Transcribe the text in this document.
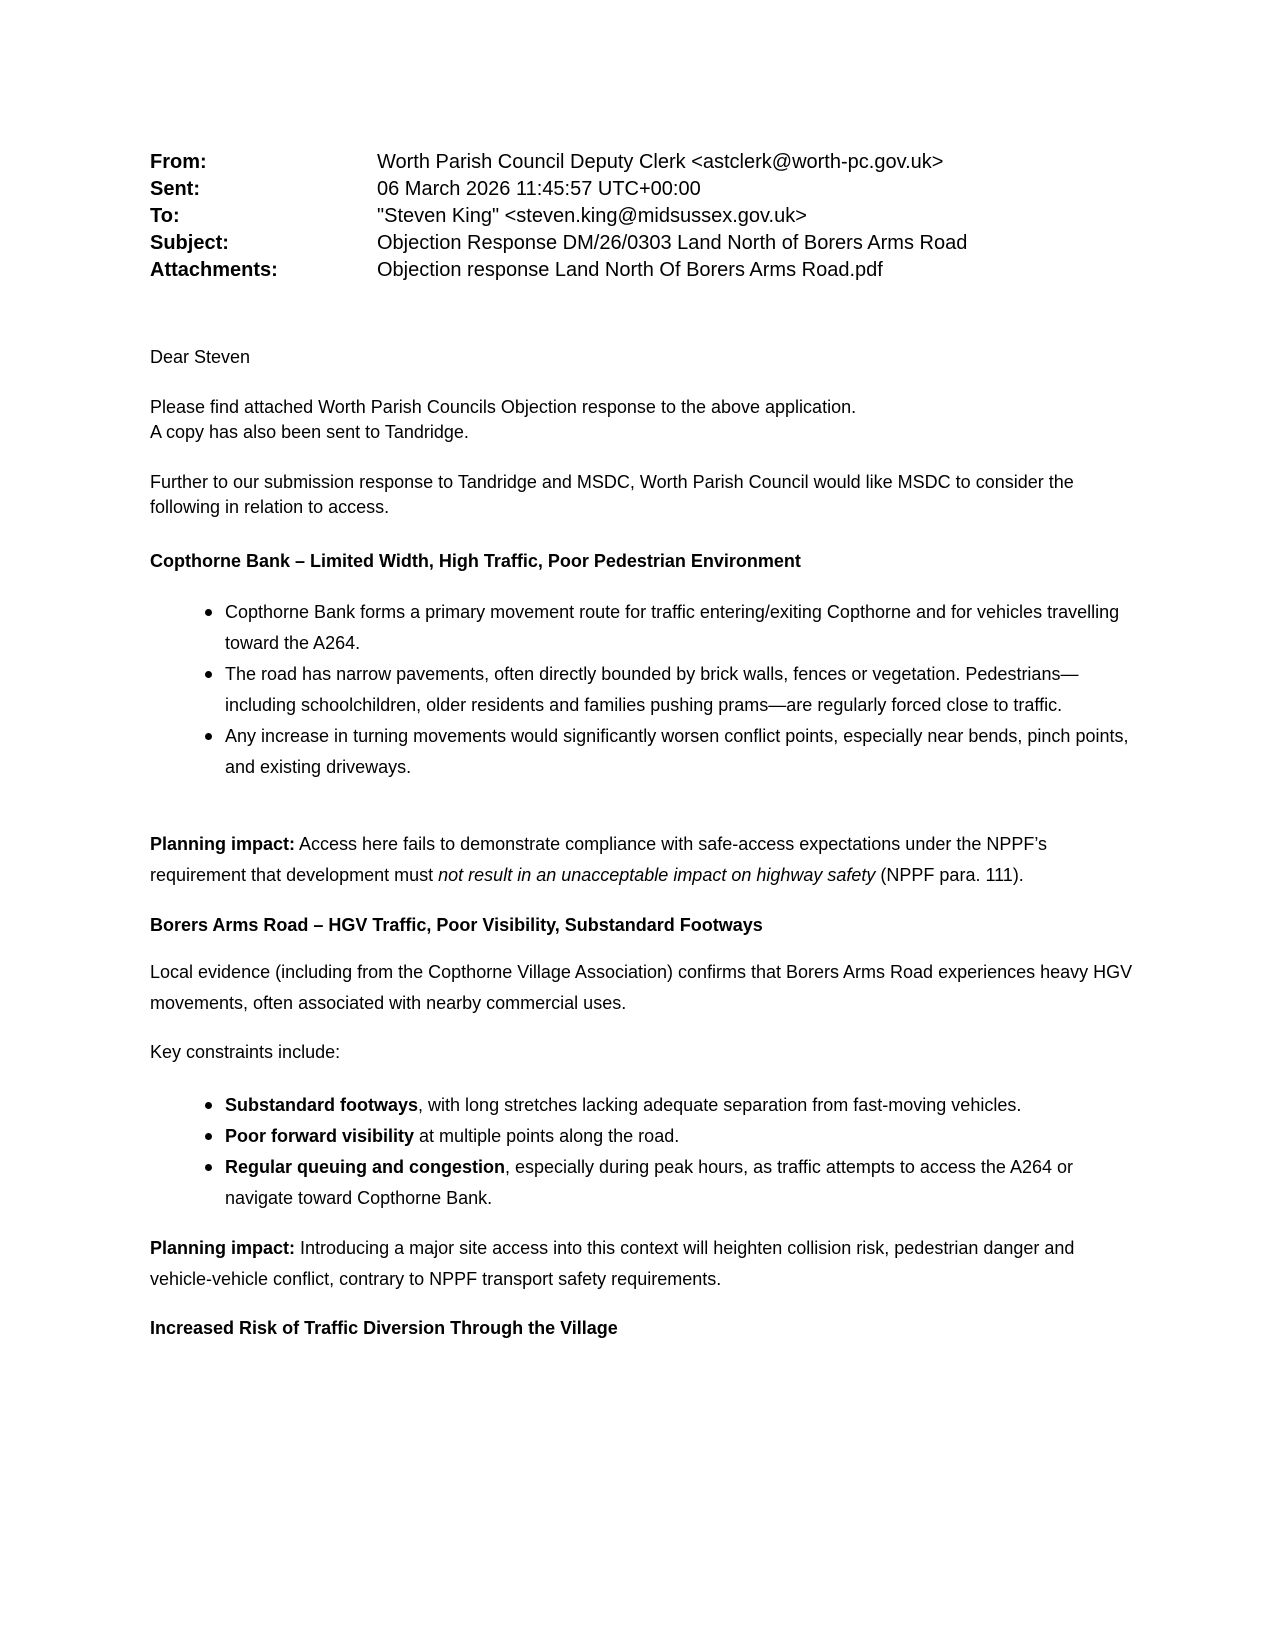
From:	Worth Parish Council Deputy Clerk <astclerk@worth-pc.gov.uk>
Sent:	06 March 2026 11:45:57 UTC+00:00
To:	"Steven King" <steven.king@midsussex.gov.uk>
Subject:	Objection Response DM/26/0303 Land North of Borers Arms Road
Attachments:	Objection response Land North Of Borers Arms Road.pdf
Dear Steven
Please find attached Worth Parish Councils Objection response to the above application.
A copy has also been sent to Tandridge.
Further to our submission response to Tandridge and MSDC, Worth Parish Council would like MSDC to consider the following in relation to access.
Copthorne Bank – Limited Width, High Traffic, Poor Pedestrian Environment
Copthorne Bank forms a primary movement route for traffic entering/exiting Copthorne and for vehicles travelling toward the A264.
The road has narrow pavements, often directly bounded by brick walls, fences or vegetation. Pedestrians—including schoolchildren, older residents and families pushing prams—are regularly forced close to traffic.
Any increase in turning movements would significantly worsen conflict points, especially near bends, pinch points, and existing driveways.
Planning impact: Access here fails to demonstrate compliance with safe-access expectations under the NPPF’s requirement that development must not result in an unacceptable impact on highway safety (NPPF para. 111).
Borers Arms Road – HGV Traffic, Poor Visibility, Substandard Footways
Local evidence (including from the Copthorne Village Association) confirms that Borers Arms Road experiences heavy HGV movements, often associated with nearby commercial uses.
Key constraints include:
Substandard footways, with long stretches lacking adequate separation from fast-moving vehicles.
Poor forward visibility at multiple points along the road.
Regular queuing and congestion, especially during peak hours, as traffic attempts to access the A264 or navigate toward Copthorne Bank.
Planning impact: Introducing a major site access into this context will heighten collision risk, pedestrian danger and vehicle-vehicle conflict, contrary to NPPF transport safety requirements.
Increased Risk of Traffic Diversion Through the Village
